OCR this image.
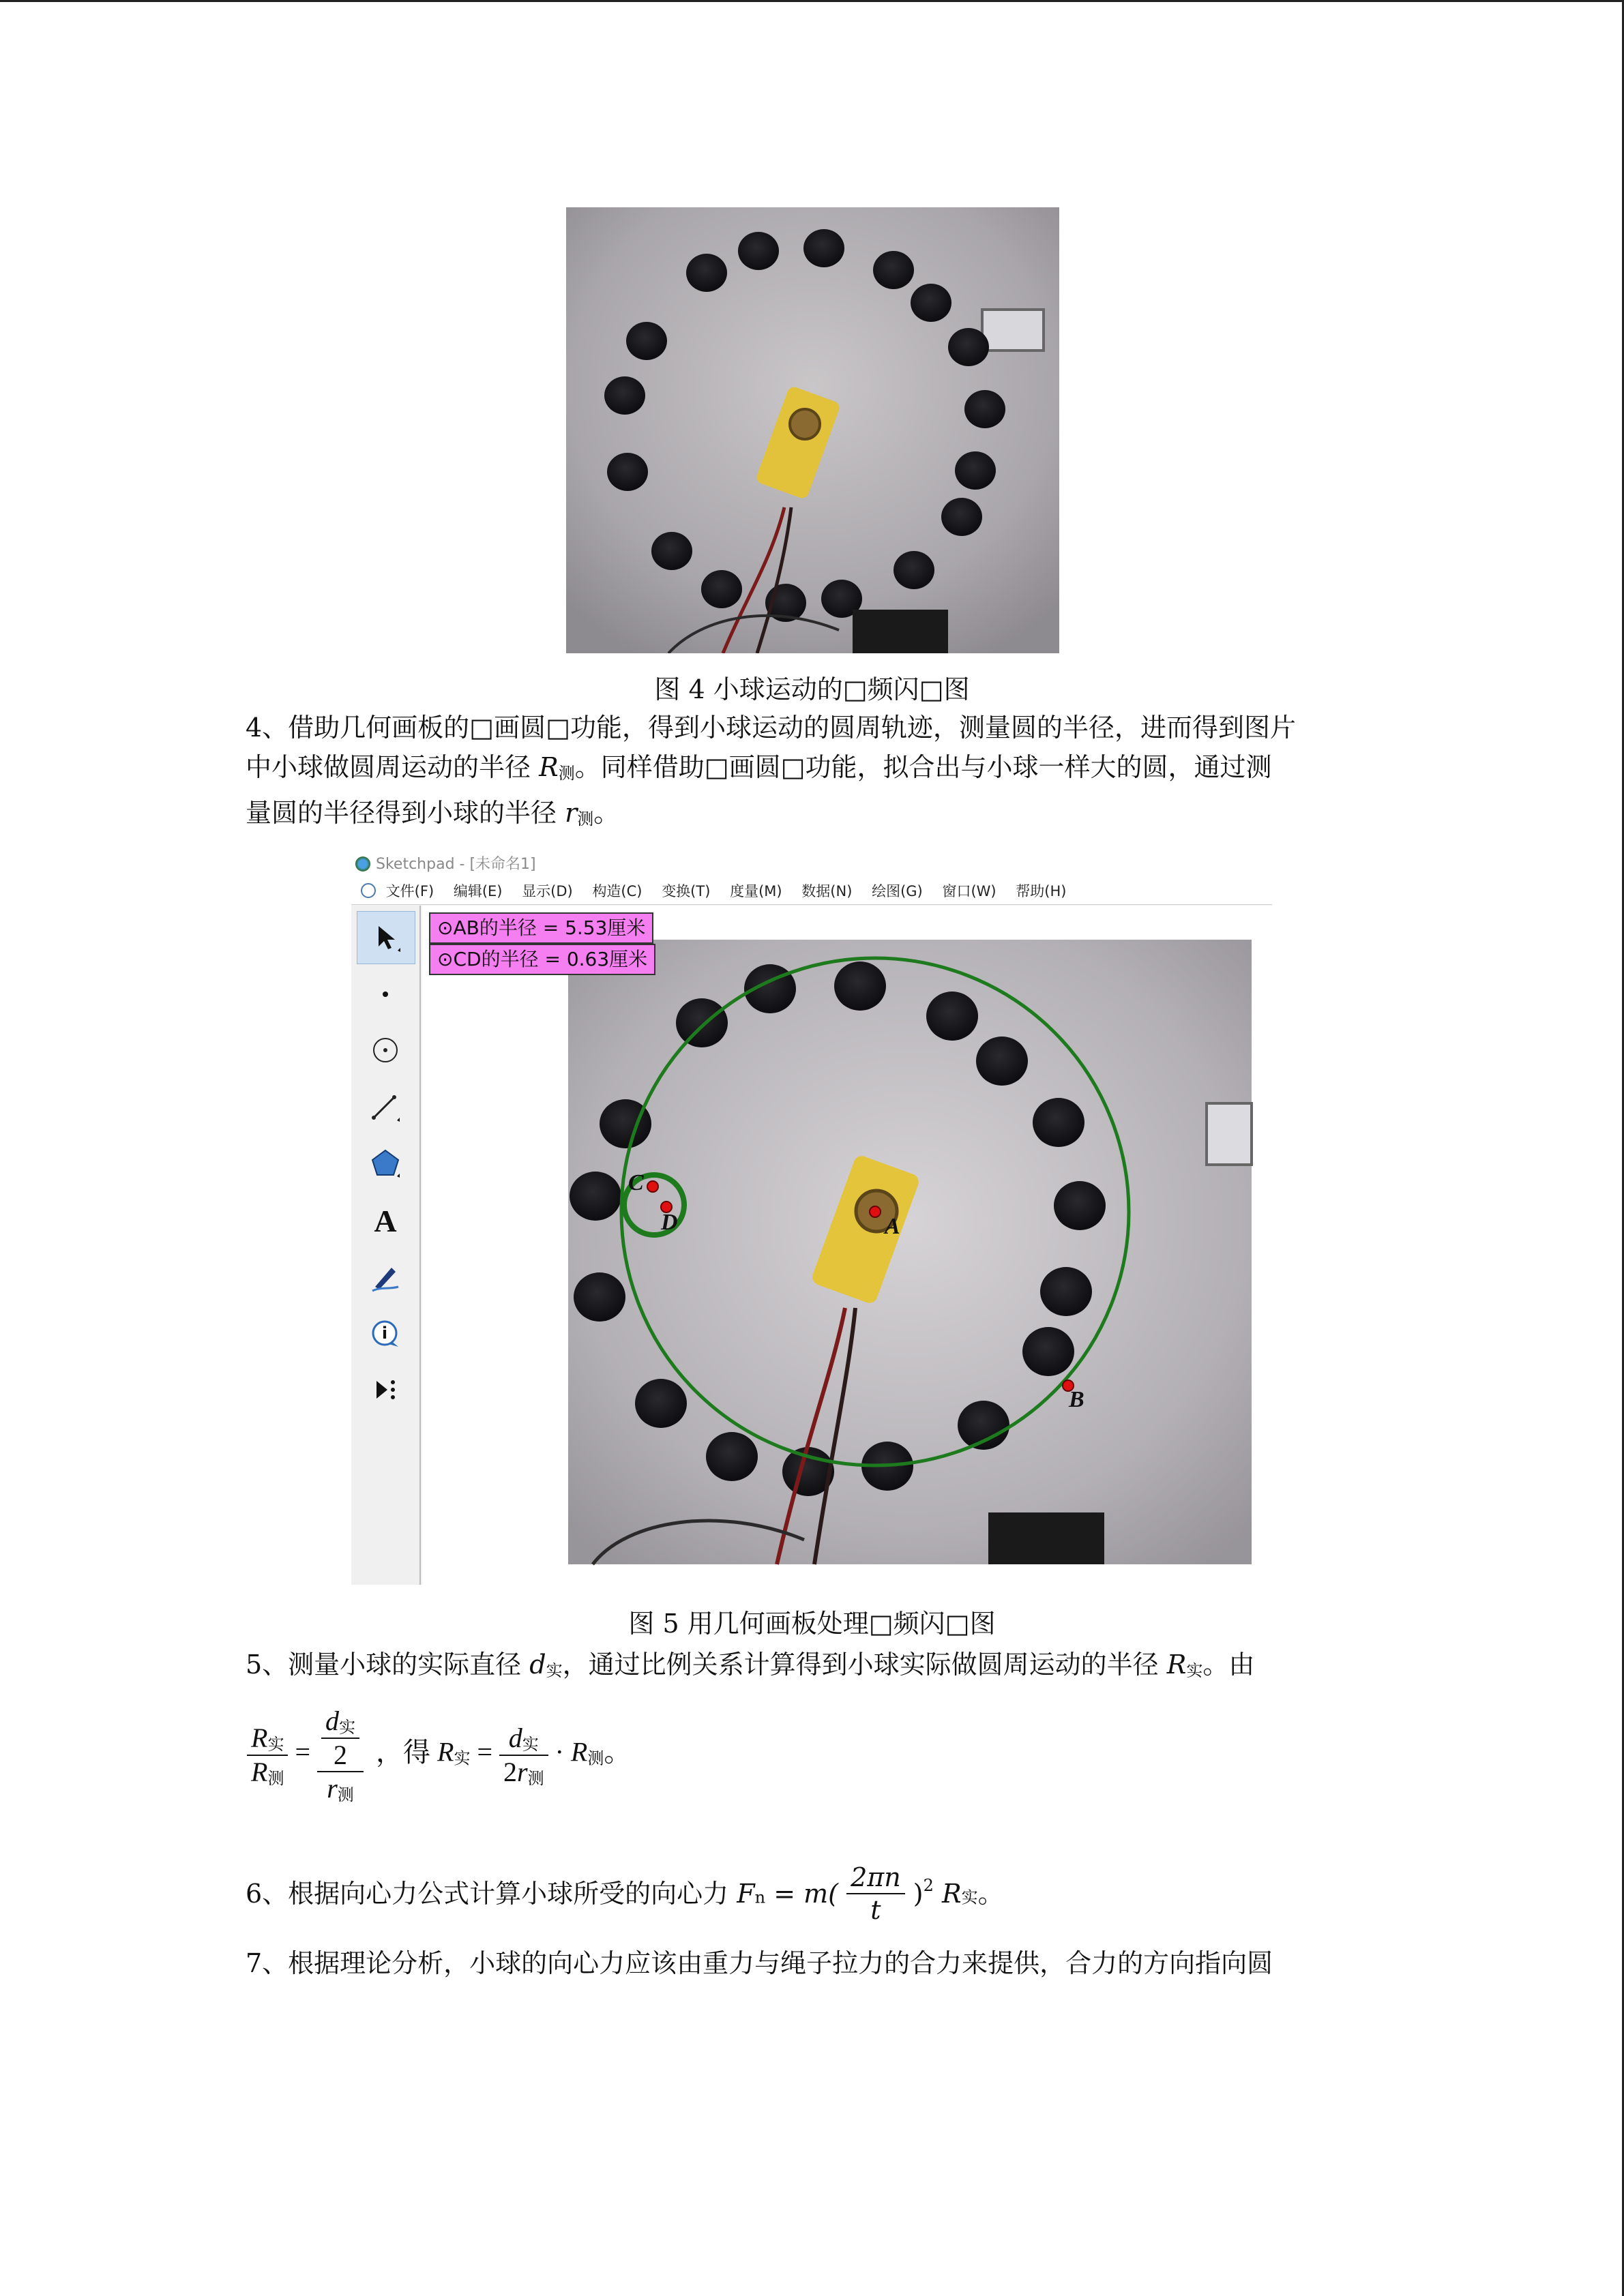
图 4 小球运动的□频闪□图
4、借助几何画板的□画圆□功能，得到小球运动的圆周轨迹，测量圆的半径，进而得到图片
中小球做圆周运动的半径 R测。同样借助□画圆□功能，拟合出与小球一样大的圆，通过测
量圆的半径得到小球的半径 r测。
Sketchpad - [未命名1]
文件(F) 编辑(E) 显示(D) 构造(C) 变换(T) 度量(M) 数据(N) 绘图(G) 窗口(W) 帮助(H)
A
i
⊙AB的半径 = 5.53厘米
⊙CD的半径 = 0.63厘米
A
B
C
D
图 5 用几何画板处理□频闪□图
5、测量小球的实际直径 d实，通过比例关系计算得到小球实际做圆周运动的半径 R实。由
$\frac{\text{R实}}{\text{R测}} = \frac{\frac{\text{d实}}{2}}{\text{r测}}$ ，得 R实 = $\frac{\text{d实}}{\text{2r测}} \cdot R$测。
6、根据向心力公式计算小球所受的向心力 $Fn = m( \frac{2\pi n}{t} )^2$ R实。
7、根据理论分析，小球的向心力应该由重力与绳子拉力的合力来提供，合力的方向指向圆
